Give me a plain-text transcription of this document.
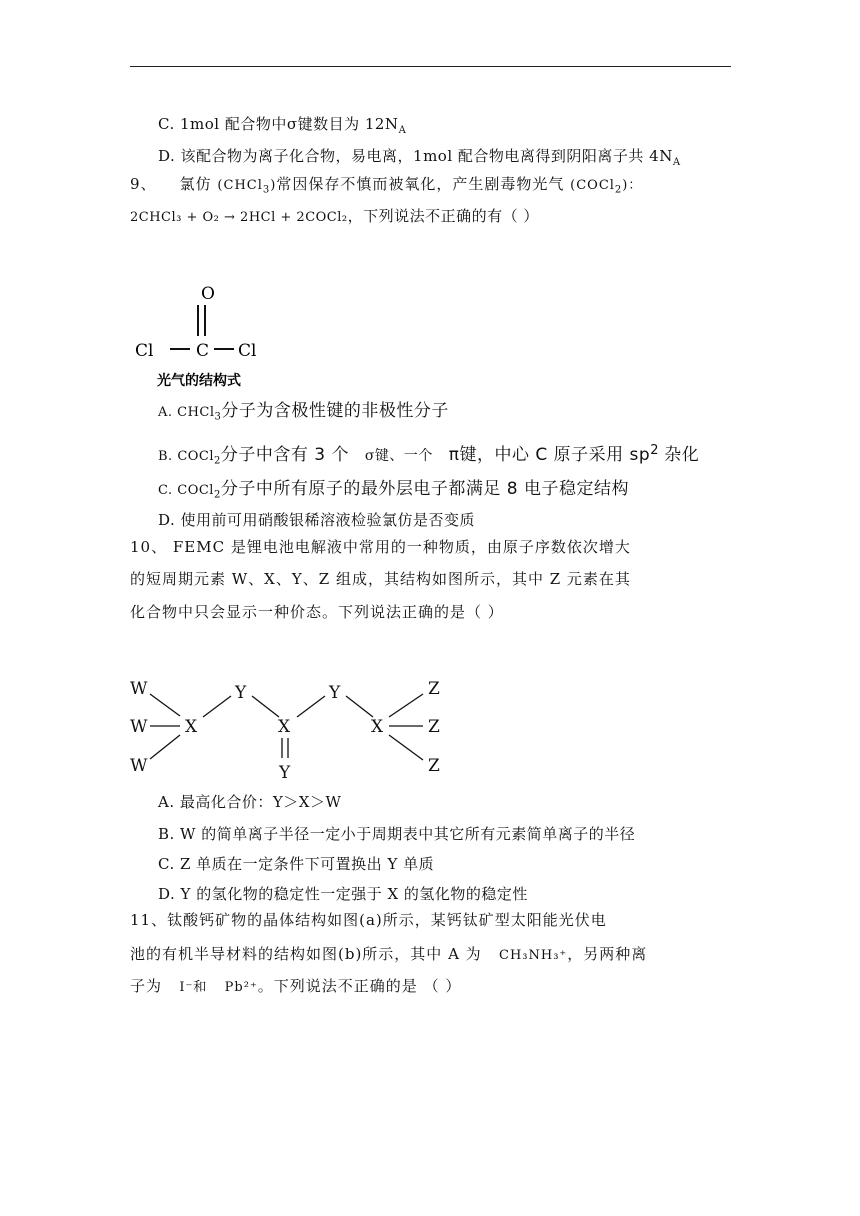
C. 1mol 配合物中σ键数目为 $12N_A$
D. 该配合物为离子化合物，易电离，1mol 配合物电离得到阴阳离子共 $4N_A$
9、 氯仿 (CHCl$_3$)常因保存不慎而被氧化，产生剧毒物光气 (COCl$_2$)：
2CHCl₃ + O₂ → 2HCl + 2COCl₂，下列说法不正确的有（ ）
O
Cl	C Cl
光气的结构式
A. CHCl$_3$分子为含极性键的非极性分子
B. COCl$_2$分子中含有 3 个 σ键、一个 π键，中心 C 原子采用 $sp^2$ 杂化
C. COCl$_2$分子中所有原子的最外层电子都满足 8 电子稳定结构
D. 使用前可用硝酸银稀溶液检验氯仿是否变质
10、 FEMC 是锂电池电解液中常用的一种物质，由原子序数依次增大
的短周期元素 W、X、Y、Z 组成，其结构如图所示，其中 Z 元素在其
化合物中只会显示一种价态。下列说法正确的是（ ）
W
W
W
X
Y
X
Y
Y
X
Z
Z
Z
A. 最高化合价：Y＞X＞W
B. W 的简单离子半径一定小于周期表中其它所有元素简单离子的半径
C. Z 单质在一定条件下可置换出 Y 单质
D. Y 的氢化物的稳定性一定强于 X 的氢化物的稳定性
11、钛酸钙矿物的晶体结构如图(a)所示，某钙钛矿型太阳能光伏电
池的有机半导材料的结构如图(b)所示，其中 A 为 CH₃NH₃⁺，另两种离
子为 I⁻和 Pb²⁺。下列说法不正确的是 （ ）
